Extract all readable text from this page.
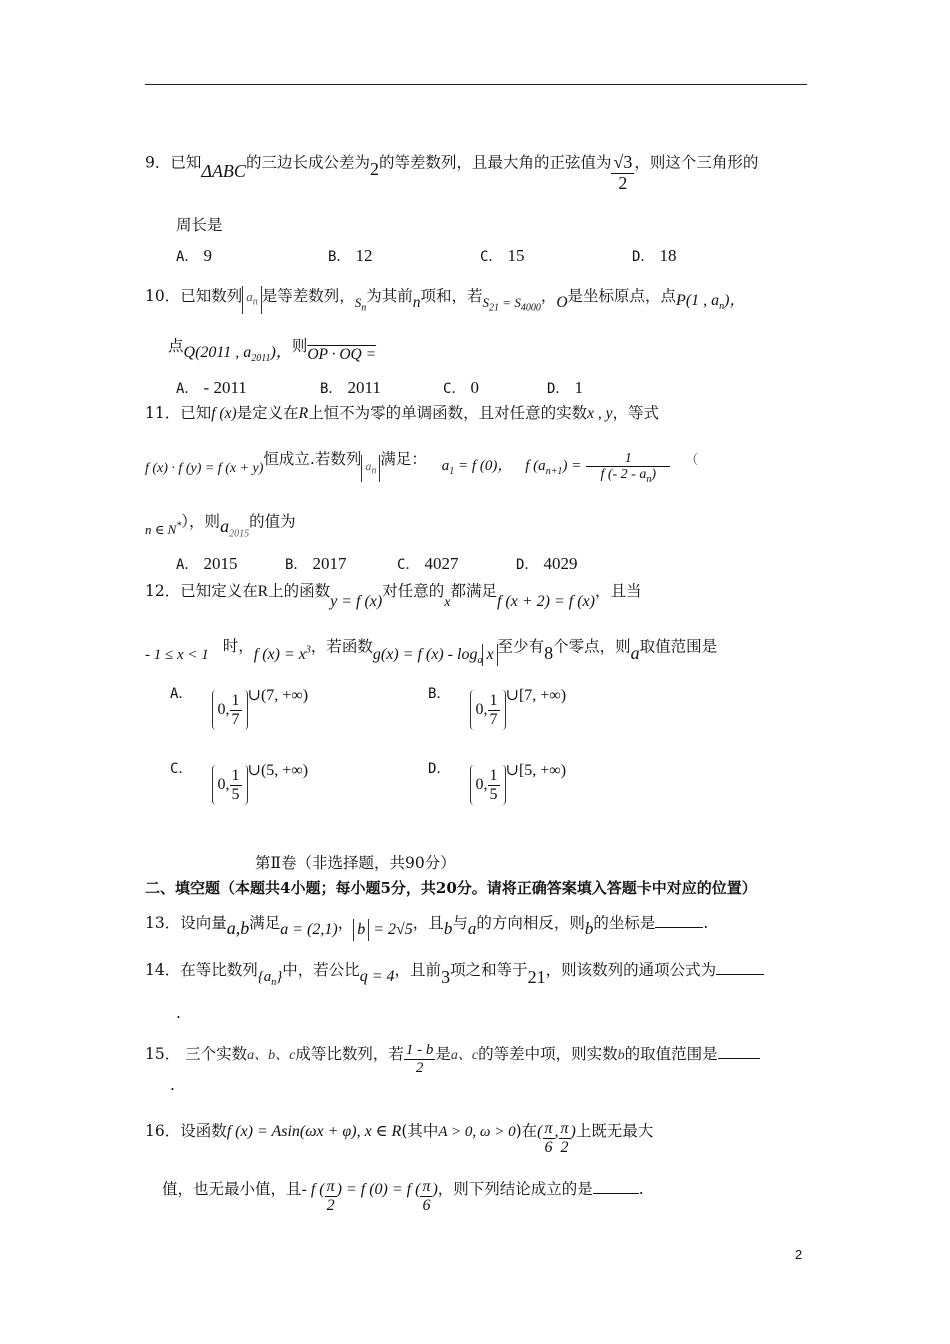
9．已知ΔABC的三边长成公差为2的等差数列，且最大角的正弦值为 $\frac{√3}{2}$ ，则这个三角形的
周长是
A． 9	B． 12	C． 15	D． 18
10．已知数列 $a_n$ 是等差数列，$_{S_n}$为其前n项和，若$_{S_{21} = S_{4000}}$，O是坐标原点，点P(1 , $a_n$)，
点Q(2011 , $a_{2011}$)，则OP · OQ =
A． - 2011	B． 2011	C． 0	D． 1
11．已知f (x)是定义在R上恒不为零的单调函数，且对任意的实数x , y，等式
f (x) · f (y) = f (x + y)恒成立.若数列 $a_n$满足： $a_1 = f$ (0)， f $(a_{n+1}) = \frac{1}{f (- 2 - a_n)}$ （
$_{n \in N^*}$），则$a_{2015}$的值为
A． 2015	B． 2017	C． 4027	D． 4029
12．已知定义在R上的函数y = f (x)对任意的x都满足f (x + 2) = f (x)，且当
- 1 ≤ x < 1 时，f $(x) = x^3$，若函数g(x) = f $(x) - \log_a x$ 至少有8个零点，则a取值范围是
A． 0, $\frac{1}{7}$ ∪(7, +∞)	B． 0, $\frac{1}{7}$ ∪[7, +∞)
C． 0, $\frac{1}{5}$ ∪(5, +∞)	D． 0, $\frac{1}{5}$ ∪[5, +∞)
第Ⅱ卷（非选择题，共90分）
二、填空题（本题共4小题；每小题5分，共20分。请将正确答案填入答题卡中对应的位置）
13．设向量a,b满足a = (2,1)， b = 2√5，且b与a的方向相反，则b的坐标是	.
14．在等比数列$\{a_n\}$中，若公比q = 4，且前3项之和等于21，则该数列的通项公式为
.
15． 三个实数a、b、c成等比数列，若 $\frac{1 - b}{2}$ 是a、c的等差中项，则实数b的取值范围是
.
16．设函数f (x) = Asin(ωx + φ), x ∈ R(其中A > 0, ω > 0)在( $\frac{\pi}{6}$ , $\frac{\pi}{2}$ )上既无最大
值，也无最小值，且- f ( $\frac{\pi}{2}$ ) = f (0) = f ( $\frac{\pi}{6}$ )，则下列结论成立的是	.
2
